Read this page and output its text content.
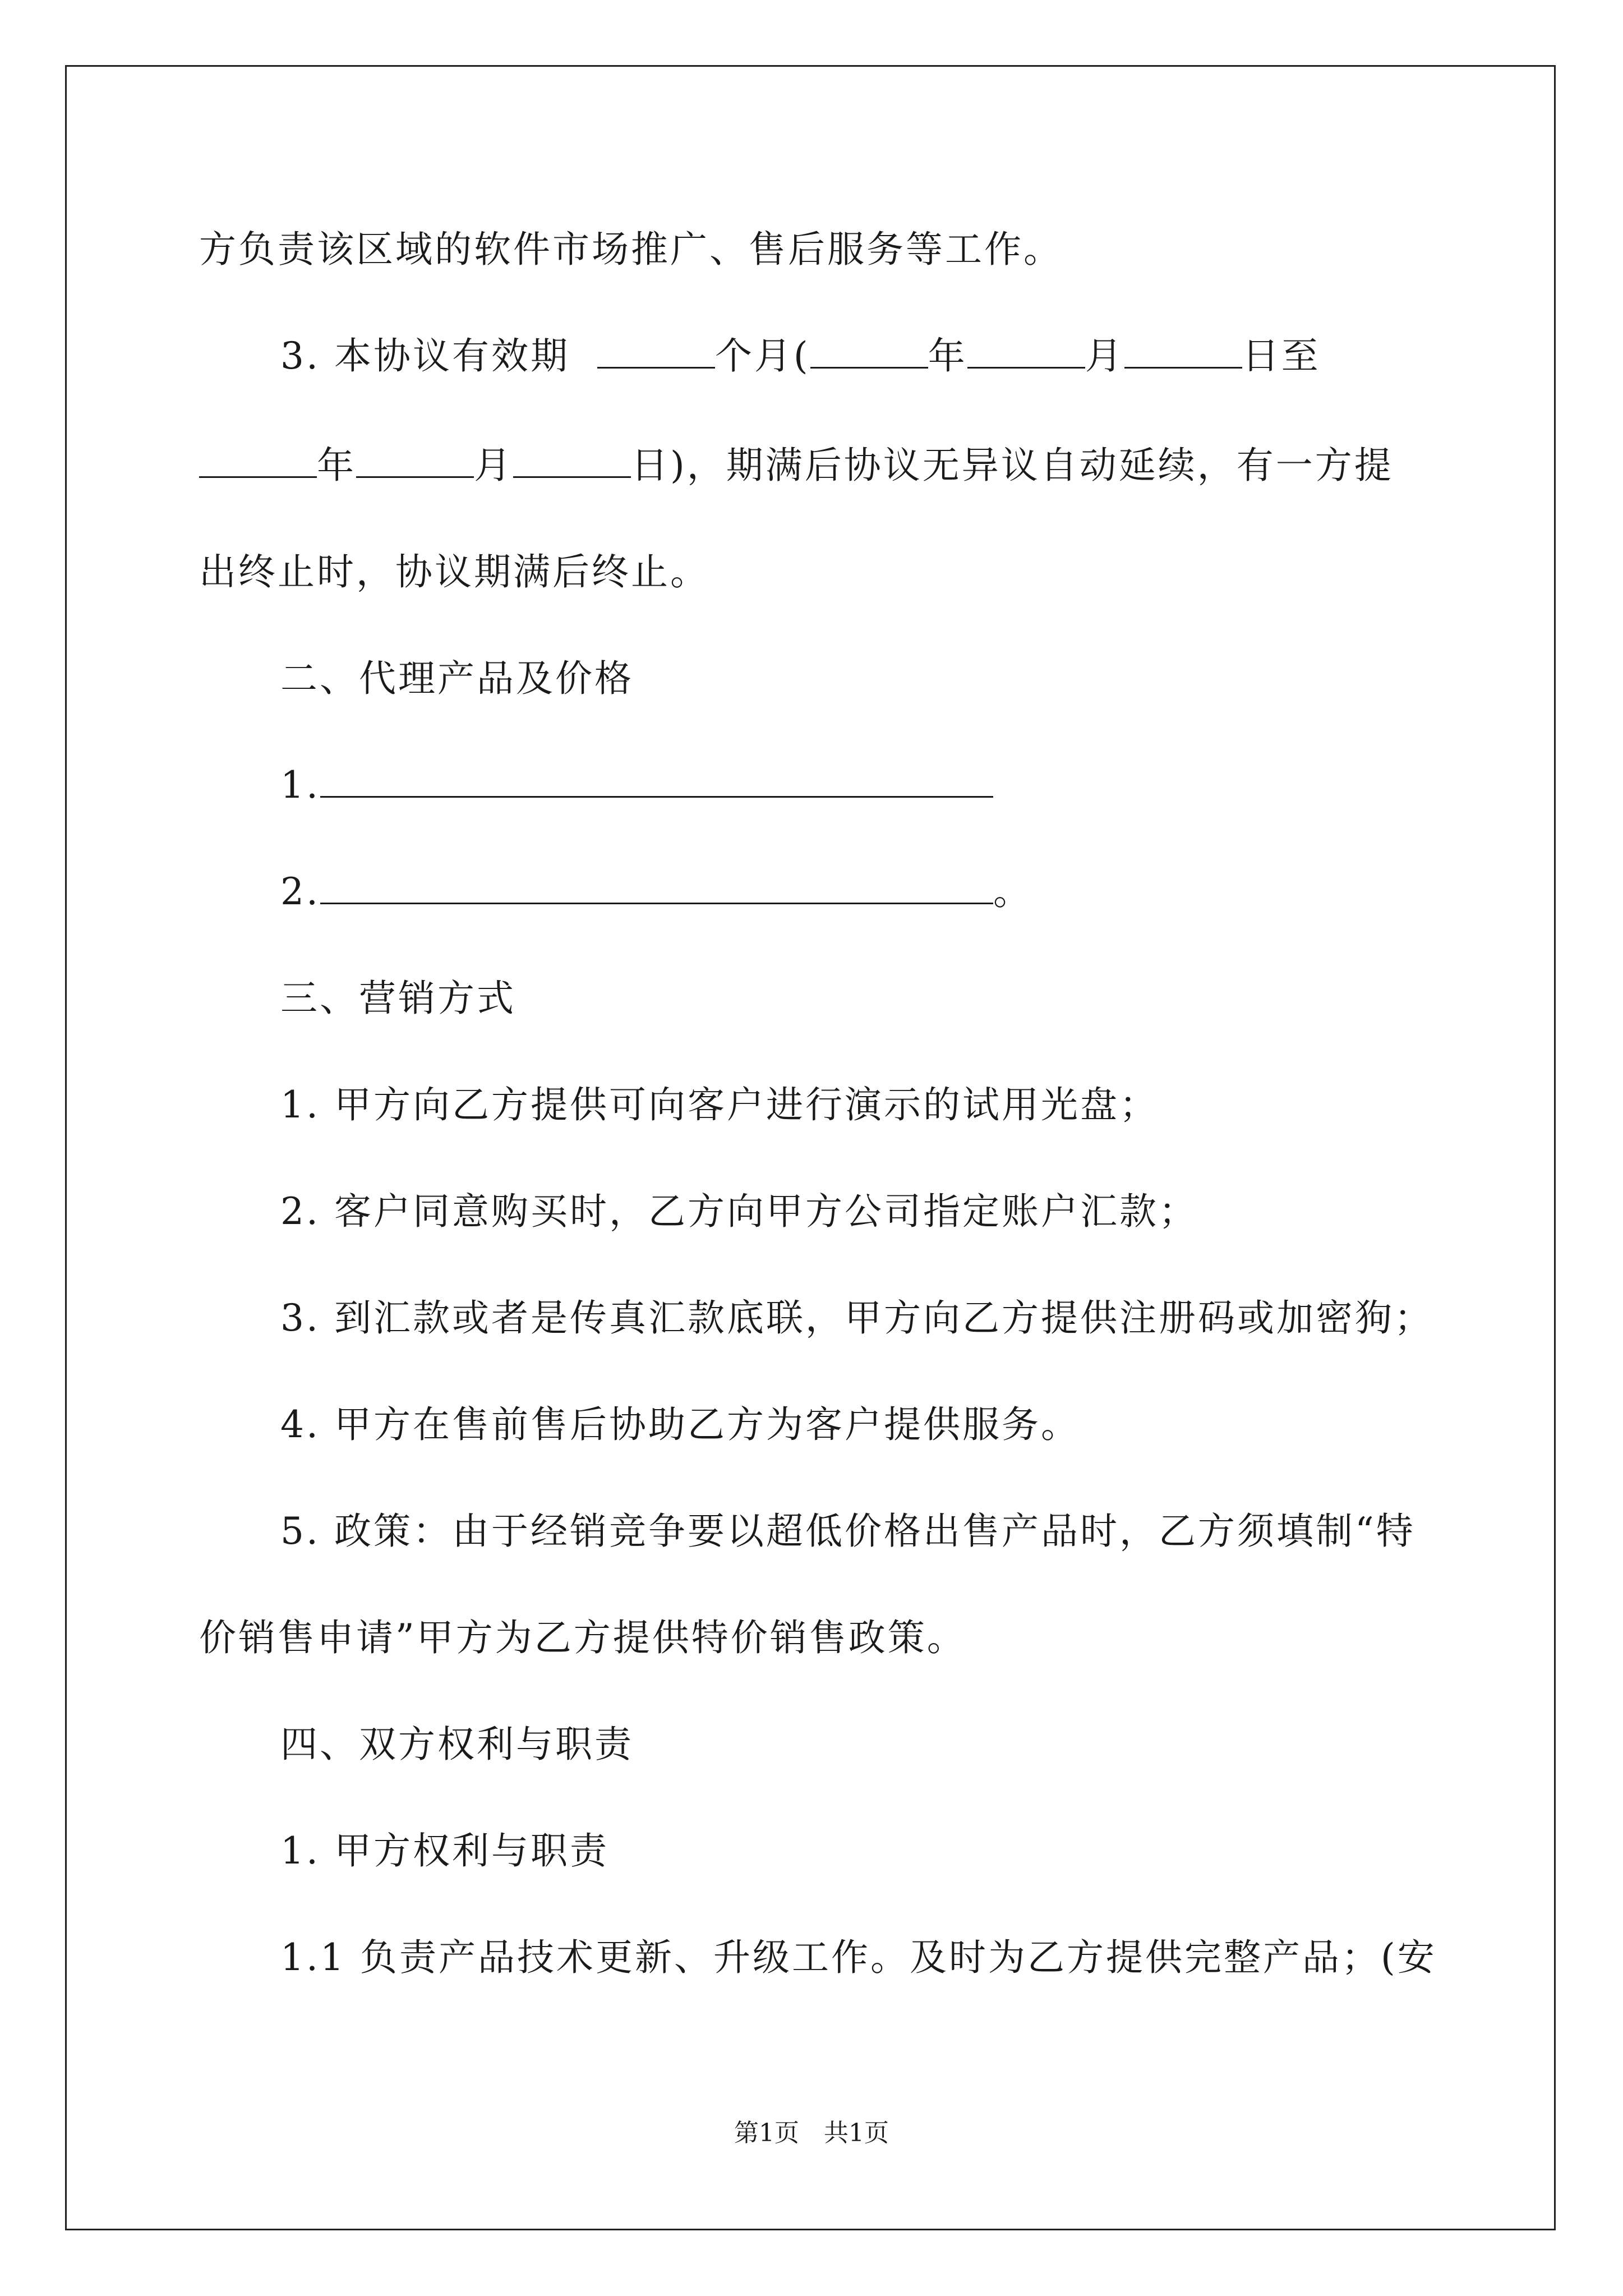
方负责该区域的软件市场推广、售后服务等工作。
3. 本协议有效期	个月(	年	月	日至
年	月	日)，期满后协议无异议自动延续，有一方提
出终止时，协议期满后终止。
二、代理产品及价格
1.
2.	。
三、营销方式
1. 甲方向乙方提供可向客户进行演示的试用光盘；
2. 客户同意购买时，乙方向甲方公司指定账户汇款；
3. 到汇款或者是传真汇款底联，甲方向乙方提供注册码或加密狗；
4. 甲方在售前售后协助乙方为客户提供服务。
5. 政策：由于经销竞争要以超低价格出售产品时，乙方须填制“特
价销售申请”甲方为乙方提供特价销售政策。
四、双方权利与职责
1. 甲方权利与职责
1.1 负责产品技术更新、升级工作。及时为乙方提供完整产品；(安
第1页　共1页
